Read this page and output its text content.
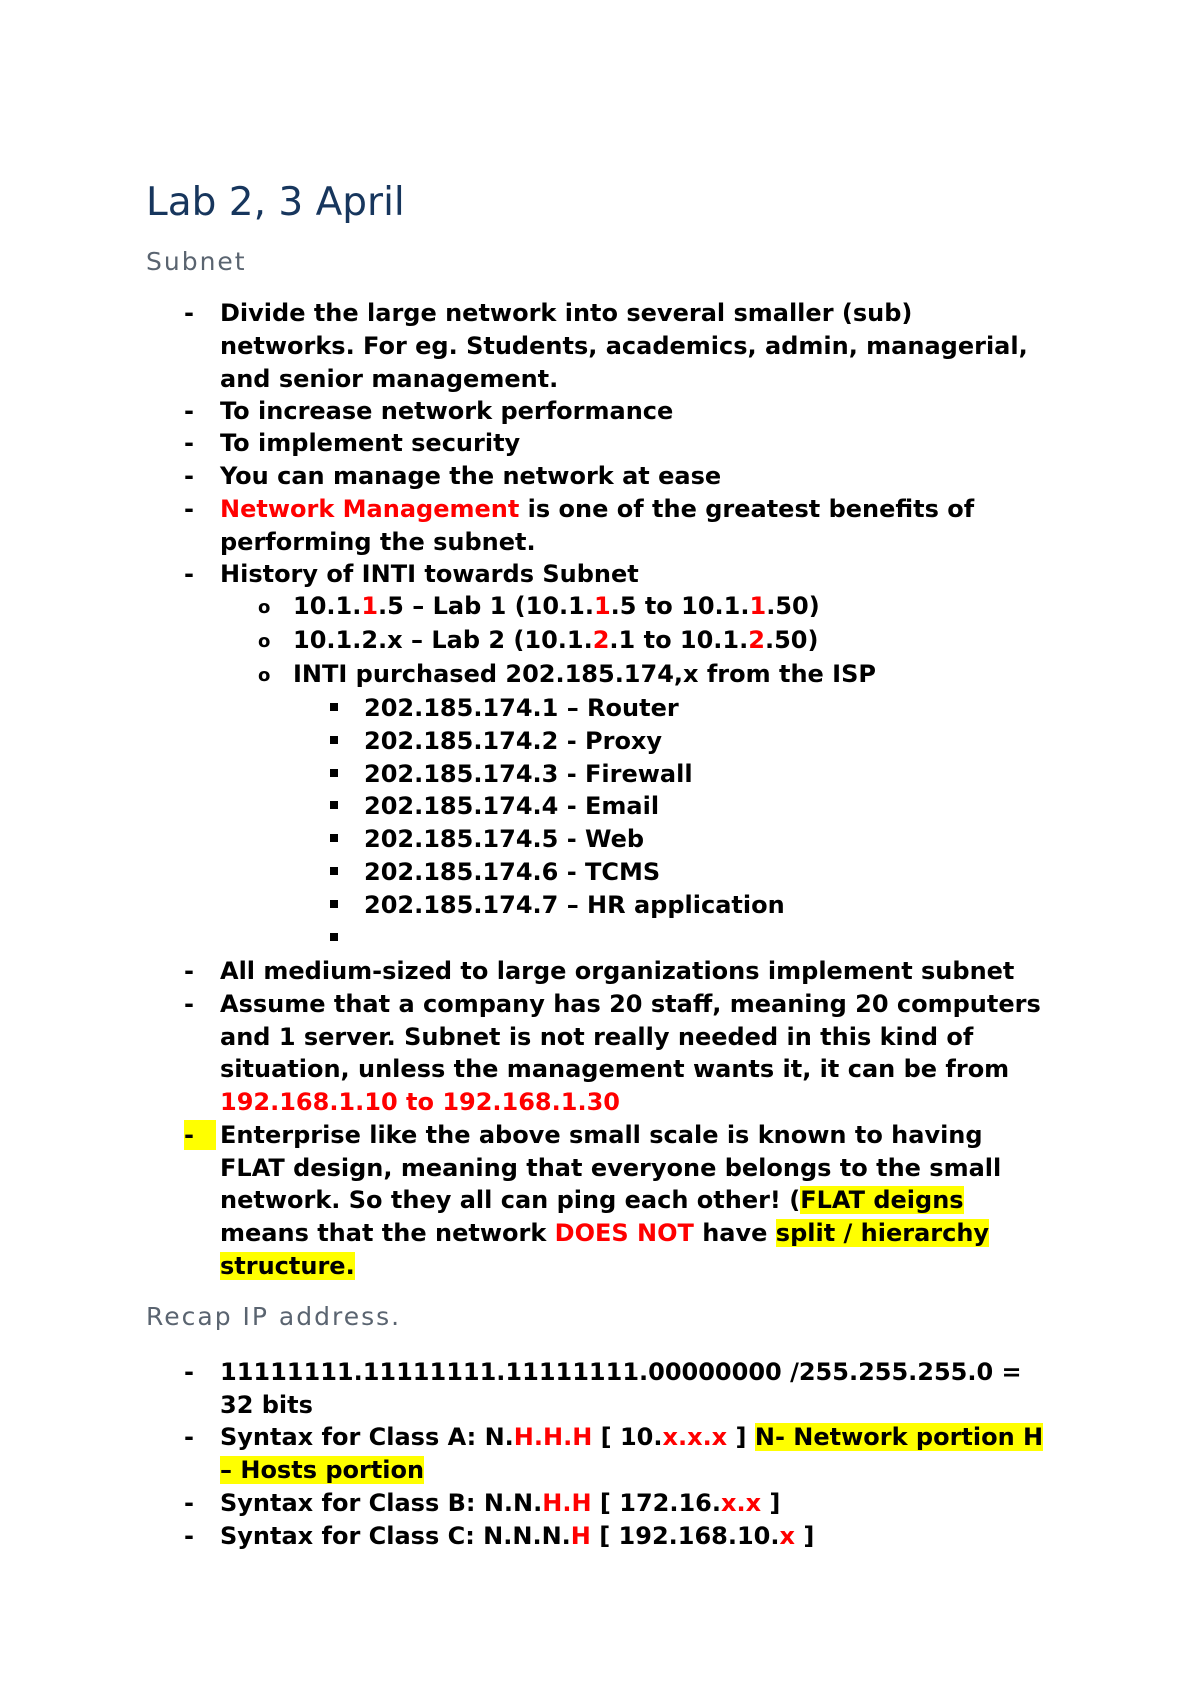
Lab 2, 3 April
Subnet
- Divide the large network into several smaller (sub)
networks. For eg. Students, academics, admin, managerial,
and senior management.
- To increase network performance
- To implement security
- You can manage the network at ease
- Network Management is one of the greatest benefits of
performing the subnet.
- History of INTI towards Subnet
o 10.1.1.5 – Lab 1 (10.1.1.5 to 10.1.1.50)
o 10.1.2.x – Lab 2 (10.1.2.1 to 10.1.2.50)
o INTI purchased 202.185.174,x from the ISP
202.185.174.1 – Router
202.185.174.2 - Proxy
202.185.174.3 - Firewall
202.185.174.4 - Email
202.185.174.5 - Web
202.185.174.6 - TCMS
202.185.174.7 – HR application
- All medium-sized to large organizations implement subnet
- Assume that a company has 20 staff, meaning 20 computers
and 1 server. Subnet is not really needed in this kind of
situation, unless the management wants it, it can be from
192.168.1.10 to 192.168.1.30
-	Enterprise like the above small scale is known to having
FLAT design, meaning that everyone belongs to the small
network. So they all can ping each other! (FLAT deigns
means that the network DOES NOT have split / hierarchy
structure.
Recap IP address.
- 11111111.11111111.11111111.00000000 /255.255.255.0 =
32 bits
- Syntax for Class A: N.H.H.H [ 10.x.x.x ] N- Network portion H
– Hosts portion
- Syntax for Class B: N.N.H.H [ 172.16.x.x ]
- Syntax for Class C: N.N.N.H [ 192.168.10.x ]
